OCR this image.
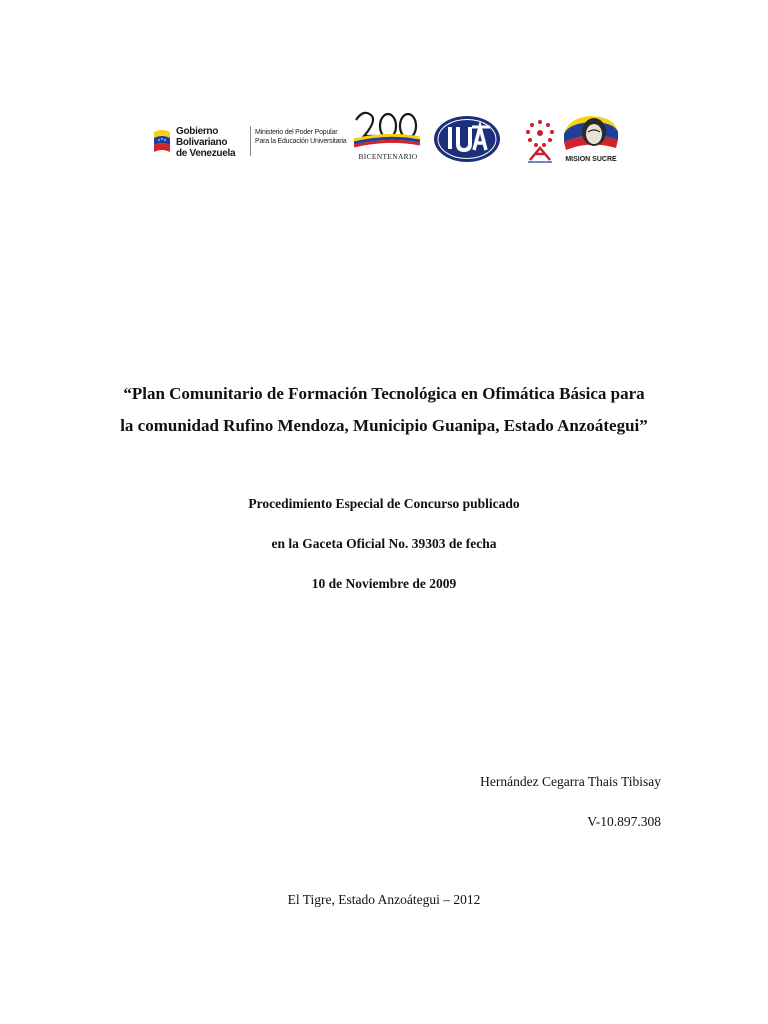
Gobierno Bolivariano
de Venezuela
Ministerio del Poder Popular
Para la Educación Universitaria
BICENTENARIO	MISION SUCRE
“Plan Comunitario de Formación Tecnológica en Ofimática Básica para
la comunidad Rufino Mendoza, Municipio Guanipa, Estado Anzoátegui”
Procedimiento Especial de Concurso publicado
en la Gaceta Oficial No. 39303 de fecha
10 de Noviembre de 2009
Hernández Cegarra Thais Tibisay
V-10.897.308
El Tigre, Estado Anzoátegui – 2012
